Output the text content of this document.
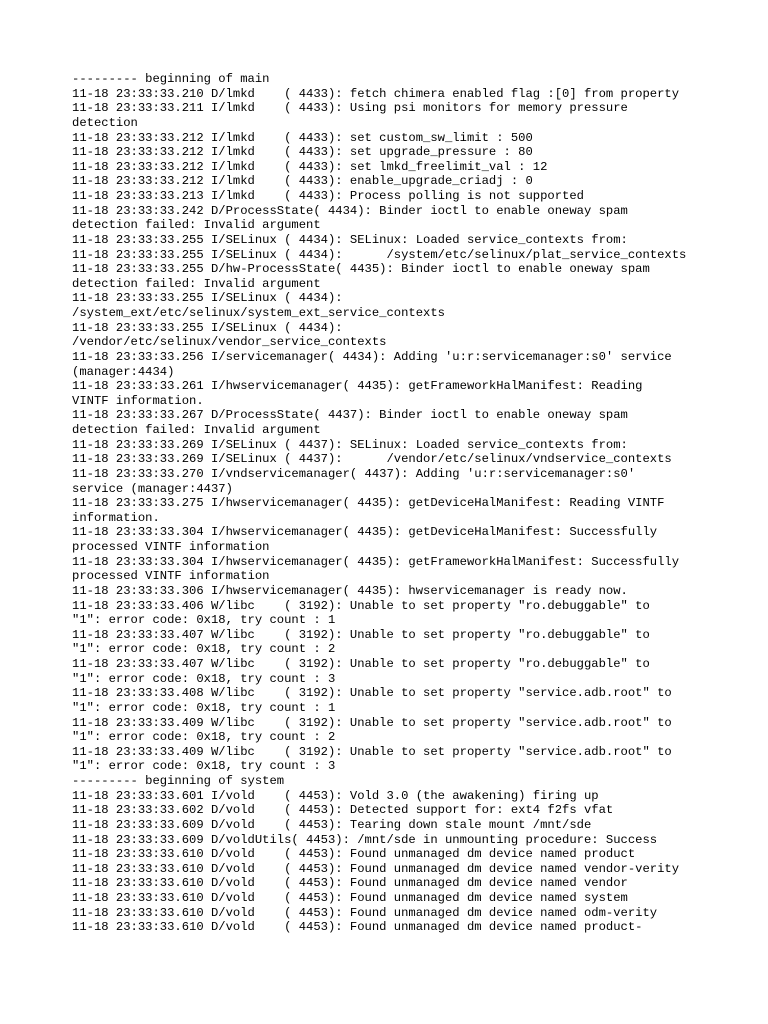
--------- beginning of main
11-18 23:33:33.210 D/lmkd    ( 4433): fetch chimera enabled flag :[0] from property
11-18 23:33:33.211 I/lmkd    ( 4433): Using psi monitors for memory pressure
detection
11-18 23:33:33.212 I/lmkd    ( 4433): set custom_sw_limit : 500
11-18 23:33:33.212 I/lmkd    ( 4433): set upgrade_pressure : 80
11-18 23:33:33.212 I/lmkd    ( 4433): set lmkd_freelimit_val : 12
11-18 23:33:33.212 I/lmkd    ( 4433): enable_upgrade_criadj : 0
11-18 23:33:33.213 I/lmkd    ( 4433): Process polling is not supported
11-18 23:33:33.242 D/ProcessState( 4434): Binder ioctl to enable oneway spam
detection failed: Invalid argument
11-18 23:33:33.255 I/SELinux ( 4434): SELinux: Loaded service_contexts from:
11-18 23:33:33.255 I/SELinux ( 4434):      /system/etc/selinux/plat_service_contexts
11-18 23:33:33.255 D/hw-ProcessState( 4435): Binder ioctl to enable oneway spam
detection failed: Invalid argument
11-18 23:33:33.255 I/SELinux ( 4434):
/system_ext/etc/selinux/system_ext_service_contexts
11-18 23:33:33.255 I/SELinux ( 4434):
/vendor/etc/selinux/vendor_service_contexts
11-18 23:33:33.256 I/servicemanager( 4434): Adding 'u:r:servicemanager:s0' service
(manager:4434)
11-18 23:33:33.261 I/hwservicemanager( 4435): getFrameworkHalManifest: Reading
VINTF information.
11-18 23:33:33.267 D/ProcessState( 4437): Binder ioctl to enable oneway spam
detection failed: Invalid argument
11-18 23:33:33.269 I/SELinux ( 4437): SELinux: Loaded service_contexts from:
11-18 23:33:33.269 I/SELinux ( 4437):      /vendor/etc/selinux/vndservice_contexts
11-18 23:33:33.270 I/vndservicemanager( 4437): Adding 'u:r:servicemanager:s0'
service (manager:4437)
11-18 23:33:33.275 I/hwservicemanager( 4435): getDeviceHalManifest: Reading VINTF
information.
11-18 23:33:33.304 I/hwservicemanager( 4435): getDeviceHalManifest: Successfully
processed VINTF information
11-18 23:33:33.304 I/hwservicemanager( 4435): getFrameworkHalManifest: Successfully
processed VINTF information
11-18 23:33:33.306 I/hwservicemanager( 4435): hwservicemanager is ready now.
11-18 23:33:33.406 W/libc    ( 3192): Unable to set property "ro.debuggable" to
"1": error code: 0x18, try count : 1
11-18 23:33:33.407 W/libc    ( 3192): Unable to set property "ro.debuggable" to
"1": error code: 0x18, try count : 2
11-18 23:33:33.407 W/libc    ( 3192): Unable to set property "ro.debuggable" to
"1": error code: 0x18, try count : 3
11-18 23:33:33.408 W/libc    ( 3192): Unable to set property "service.adb.root" to
"1": error code: 0x18, try count : 1
11-18 23:33:33.409 W/libc    ( 3192): Unable to set property "service.adb.root" to
"1": error code: 0x18, try count : 2
11-18 23:33:33.409 W/libc    ( 3192): Unable to set property "service.adb.root" to
"1": error code: 0x18, try count : 3
--------- beginning of system
11-18 23:33:33.601 I/vold    ( 4453): Vold 3.0 (the awakening) firing up
11-18 23:33:33.602 D/vold    ( 4453): Detected support for: ext4 f2fs vfat
11-18 23:33:33.609 D/vold    ( 4453): Tearing down stale mount /mnt/sde
11-18 23:33:33.609 D/voldUtils( 4453): /mnt/sde in unmounting procedure: Success
11-18 23:33:33.610 D/vold    ( 4453): Found unmanaged dm device named product
11-18 23:33:33.610 D/vold    ( 4453): Found unmanaged dm device named vendor-verity
11-18 23:33:33.610 D/vold    ( 4453): Found unmanaged dm device named vendor
11-18 23:33:33.610 D/vold    ( 4453): Found unmanaged dm device named system
11-18 23:33:33.610 D/vold    ( 4453): Found unmanaged dm device named odm-verity
11-18 23:33:33.610 D/vold    ( 4453): Found unmanaged dm device named product-
